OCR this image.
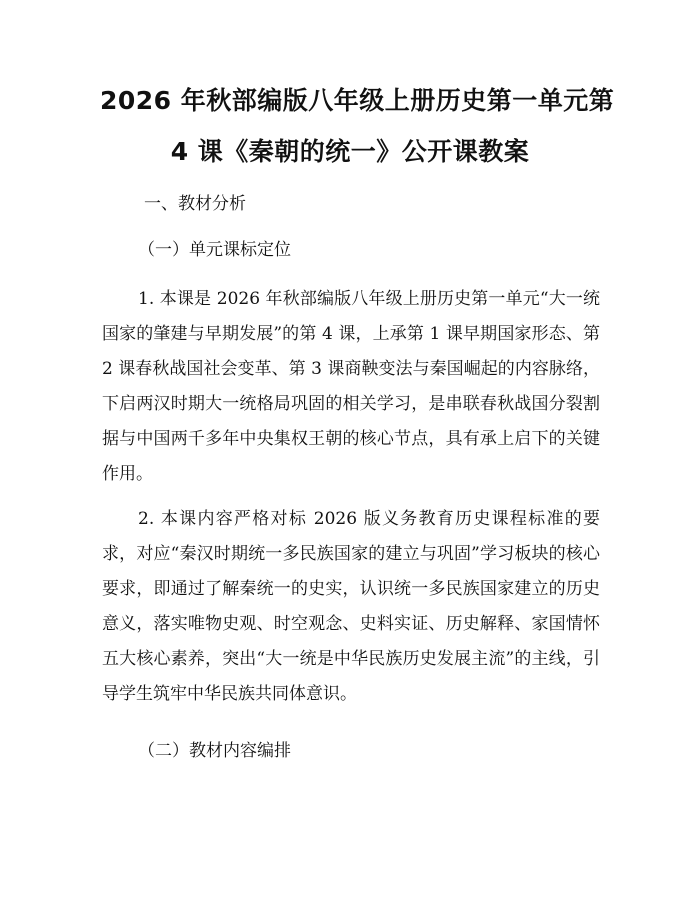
2026 年秋部编版八年级上册历史第一单元第
4 课《秦朝的统一》公开课教案
一、教材分析
（一）单元课标定位
1. 本课是 2026 年秋部编版八年级上册历史第一单元“大一统国家的肇建与早期发展”的第 4 课，上承第 1 课早期国家形态、第 2 课春秋战国社会变革、第 3 课商鞅变法与秦国崛起的内容脉络，下启两汉时期大一统格局巩固的相关学习，是串联春秋战国分裂割据与中国两千多年中央集权王朝的核心节点，具有承上启下的关键作用。
2. 本课内容严格对标 2026 版义务教育历史课程标准的要求，对应“秦汉时期统一多民族国家的建立与巩固”学习板块的核心要求，即通过了解秦统一的史实，认识统一多民族国家建立的历史意义，落实唯物史观、时空观念、史料实证、历史解释、家国情怀五大核心素养，突出“大一统是中华民族历史发展主流”的主线，引导学生筑牢中华民族共同体意识。
（二）教材内容编排
